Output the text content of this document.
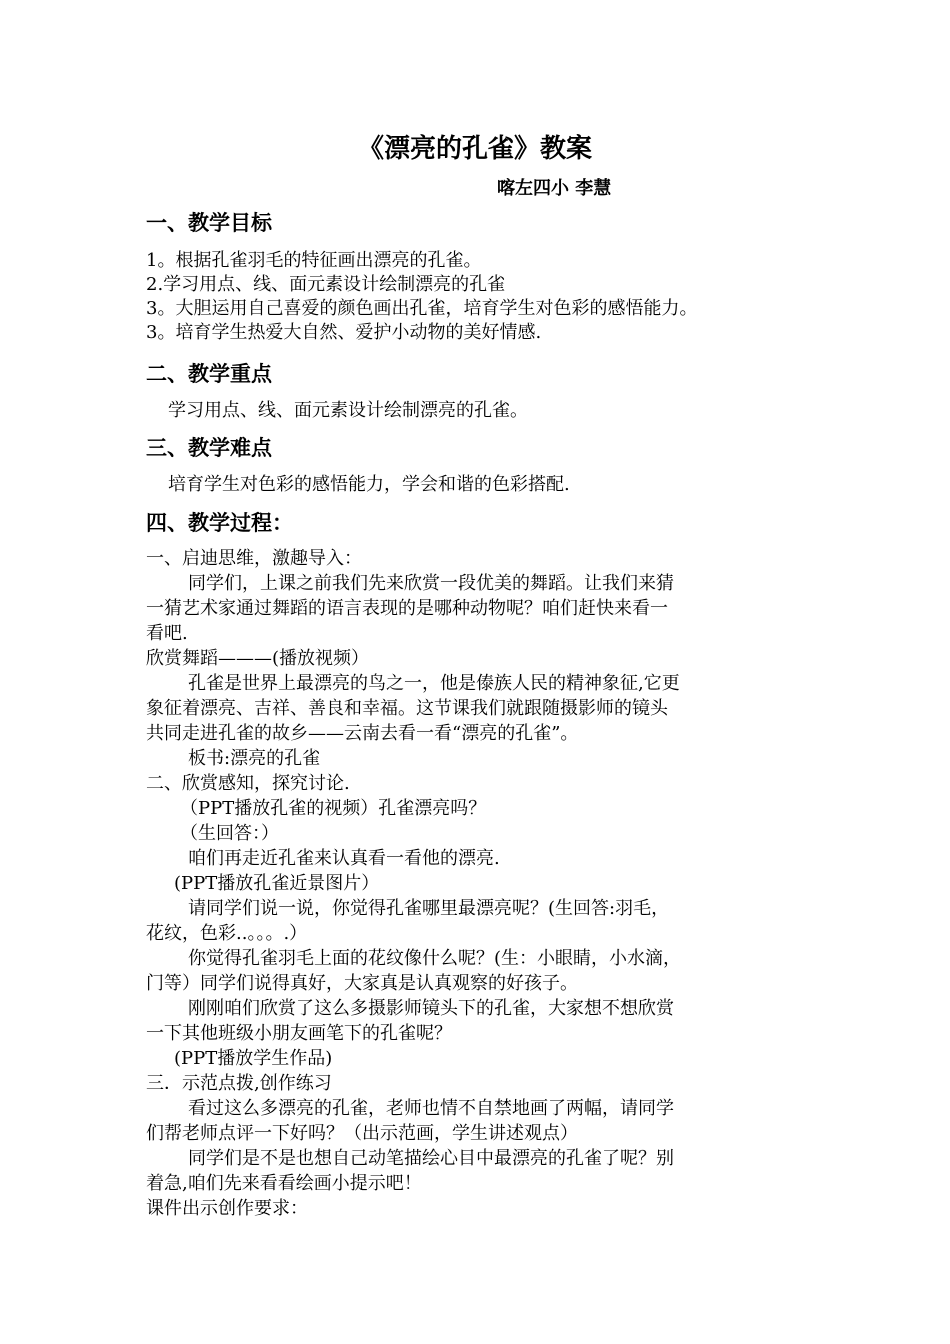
《漂亮的孔雀》教案
喀左四小 李慧
一、教学目标
1。根据孔雀羽毛的特征画出漂亮的孔雀。
2.学习用点、线、面元素设计绘制漂亮的孔雀
3。大胆运用自己喜爱的颜色画出孔雀，培育学生对色彩的感悟能力。
3。培育学生热爱大自然、爱护小动物的美好情感.
二、教学重点
学习用点、线、面元素设计绘制漂亮的孔雀。
三、教学难点
培育学生对色彩的感悟能力，学会和谐的色彩搭配.
四、教学过程：
一、启迪思维，激趣导入：
同学们，上课之前我们先来欣赏一段优美的舞蹈。让我们来猜
一猜艺术家通过舞蹈的语言表现的是哪种动物呢？咱们赶快来看一
看吧.
欣赏舞蹈———(播放视频）
孔雀是世界上最漂亮的鸟之一，他是傣族人民的精神象征,它更
象征着漂亮、吉祥、善良和幸福。这节课我们就跟随摄影师的镜头
共同走进孔雀的故乡——云南去看一看“漂亮的孔雀”。
板书:漂亮的孔雀
二、欣赏感知，探究讨论.
（PPT播放孔雀的视频）孔雀漂亮吗？
（生回答：）
咱们再走近孔雀来认真看一看他的漂亮.
(PPT播放孔雀近景图片）
请同学们说一说，你觉得孔雀哪里最漂亮呢？(生回答:羽毛，
花纹，色彩..。。。.）
你觉得孔雀羽毛上面的花纹像什么呢？(生：小眼睛，小水滴，
门等）同学们说得真好，大家真是认真观察的好孩子。
刚刚咱们欣赏了这么多摄影师镜头下的孔雀，大家想不想欣赏
一下其他班级小朋友画笔下的孔雀呢？
(PPT播放学生作品)
三．示范点拨,创作练习
看过这么多漂亮的孔雀，老师也情不自禁地画了两幅，请同学
们帮老师点评一下好吗？（出示范画，学生讲述观点）
同学们是不是也想自己动笔描绘心目中最漂亮的孔雀了呢？别
着急,咱们先来看看绘画小提示吧！
课件出示创作要求：
